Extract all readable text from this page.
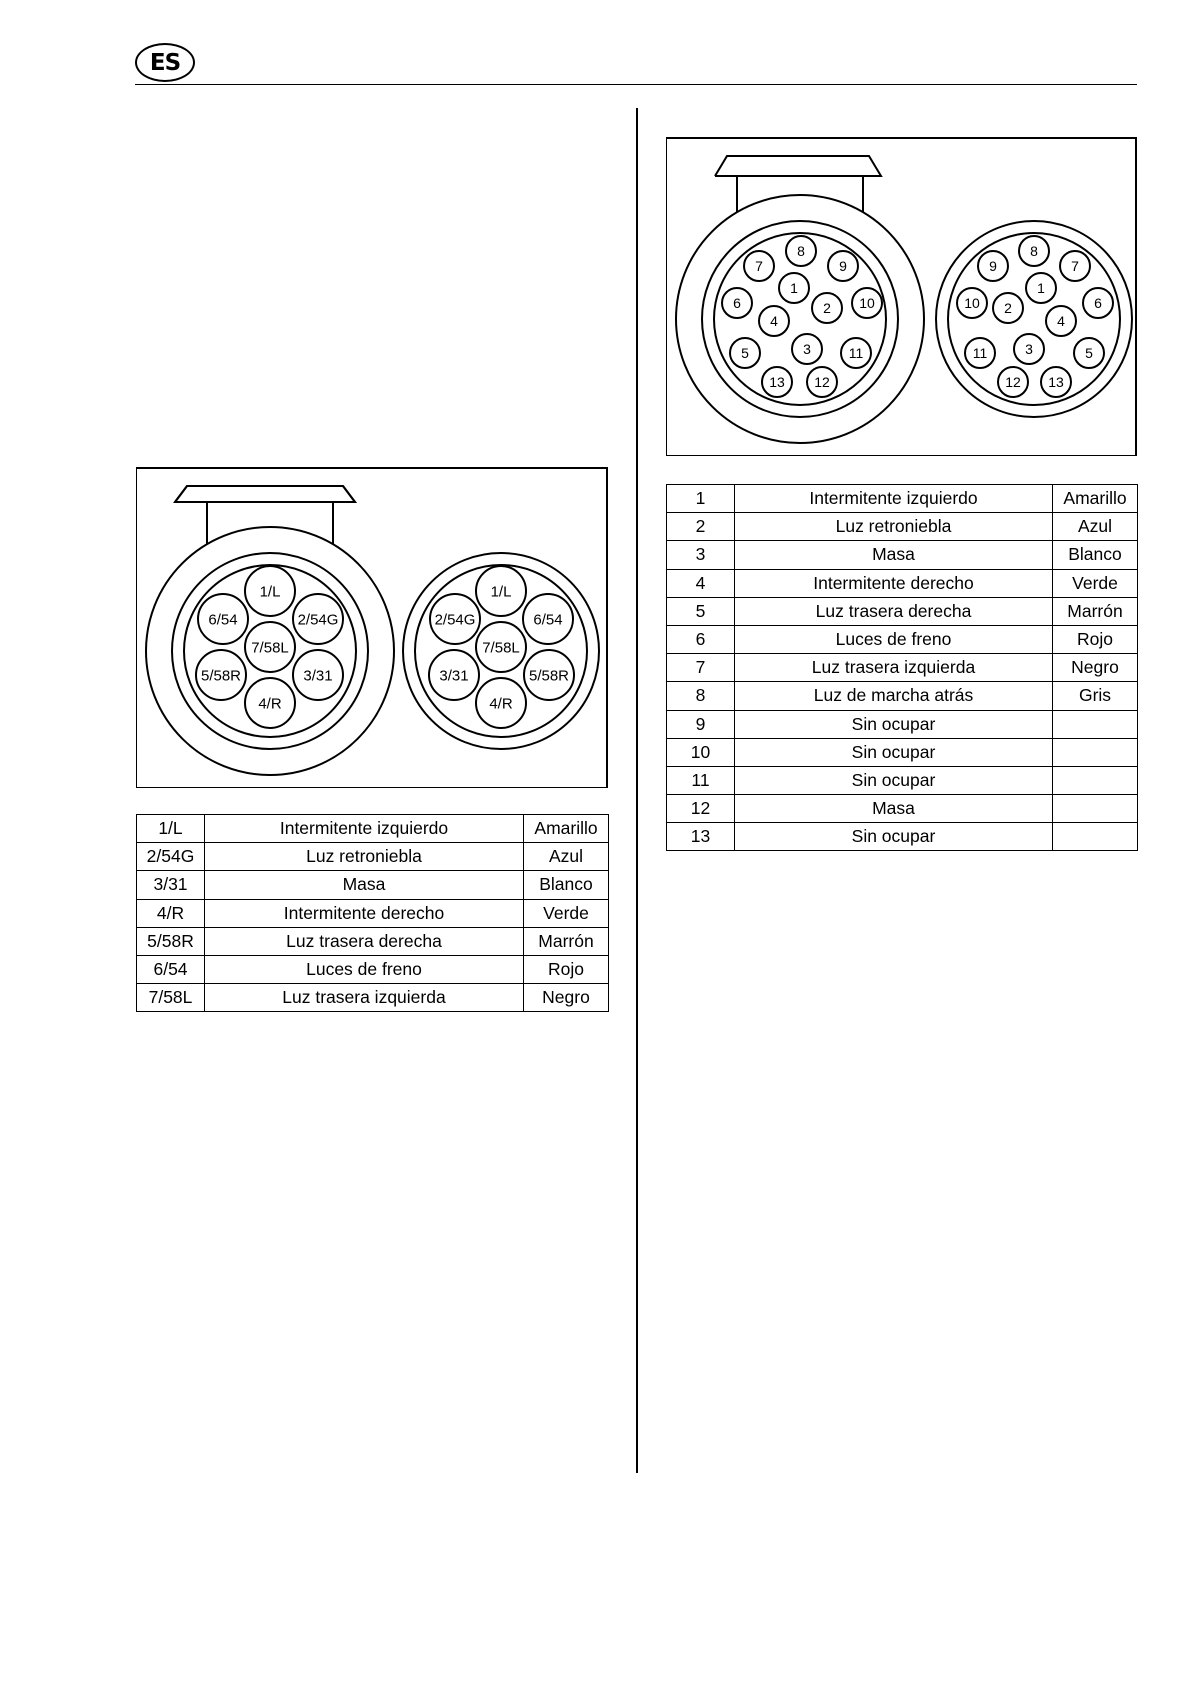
ES
1/L
6/54	2/54G
7/58L
5/58R	3/31
4/R
1/L
2/54G	6/54
7/58L
3/31	5/58R
4/R
1/L	Intermitente izquierdo	Amarillo
2/54G	Luz retroniebla	Azul
3/31	Masa	Blanco
4/R	Intermitente derecho	Verde
5/58R	Luz trasera derecha	Marrón
6/54	Luces de freno	Rojo
7/58L	Luz trasera izquierda	Negro
8
7	9
1
6	2 10
4
5	3	11
13 12
8
9	7
1
10 2	6
4
11	3	5
12 13
1	Intermitente izquierdo	Amarillo
2	Luz retroniebla	Azul
3	Masa	Blanco
4	Intermitente derecho	Verde
5	Luz trasera derecha	Marrón
6	Luces de freno	Rojo
7	Luz trasera izquierda	Negro
8	Luz de marcha atrás	Gris
9	Sin ocupar	
10	Sin ocupar	
11	Sin ocupar	
12	Masa	
13	Sin ocupar	
